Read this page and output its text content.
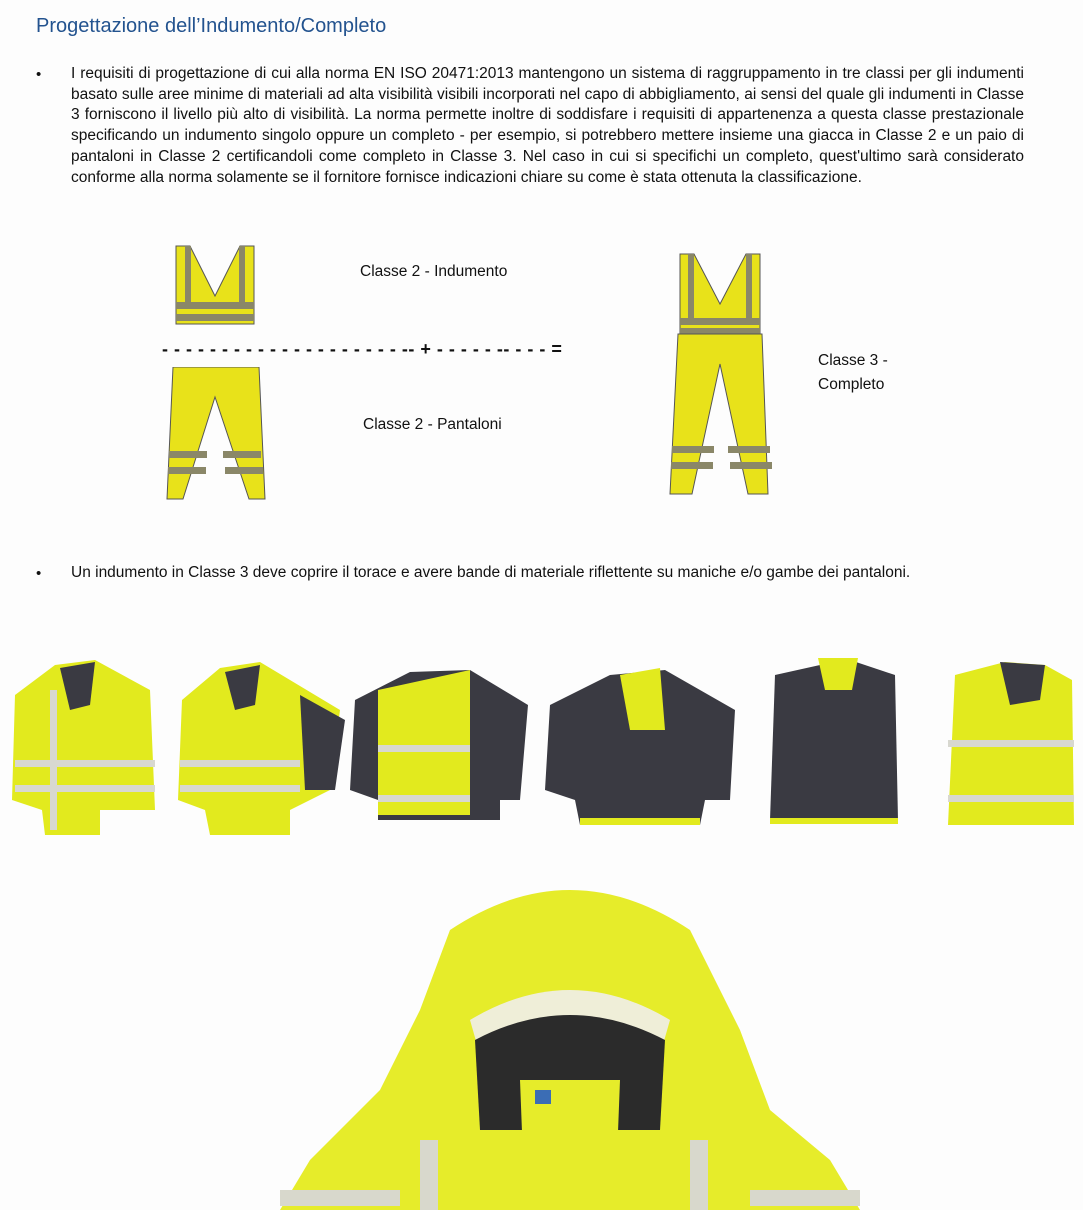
Progettazione dell’Indumento/Completo
• I requisiti di progettazione di cui alla norma EN ISO 20471:2013 mantengono un sistema di raggruppamento in tre classi per gli indumenti basato sulle aree minime di materiali ad alta visibilità visibili incorporati nel capo di abbigliamento, ai sensi del quale gli indumenti in Classe 3 forniscono il livello più alto di visibilità. La norma permette inoltre di soddisfare i requisiti di appartenenza a questa classe prestazionale specificando un indumento singolo oppure un completo - per esempio, si potrebbero mettere insieme una giacca in Classe 2 e un paio di pantaloni in Classe 2 certificandoli come completo in Classe 3. Nel caso in cui si specifichi un completo, quest'ultimo sarà considerato conforme alla norma solamente se il fornitore fornisce indicazioni chiare su come è stata ottenuta la classificazione.
Classe 2 - Indumento
- - - - - - - - - - - - - - - - - - - - -- + - - - - - -- - - - =
Classe 2 - Pantaloni
Classe 3 -
Completo
• Un indumento in Classe 3 deve coprire il torace e avere bande di materiale riflettente su maniche e/o gambe dei pantaloni.
